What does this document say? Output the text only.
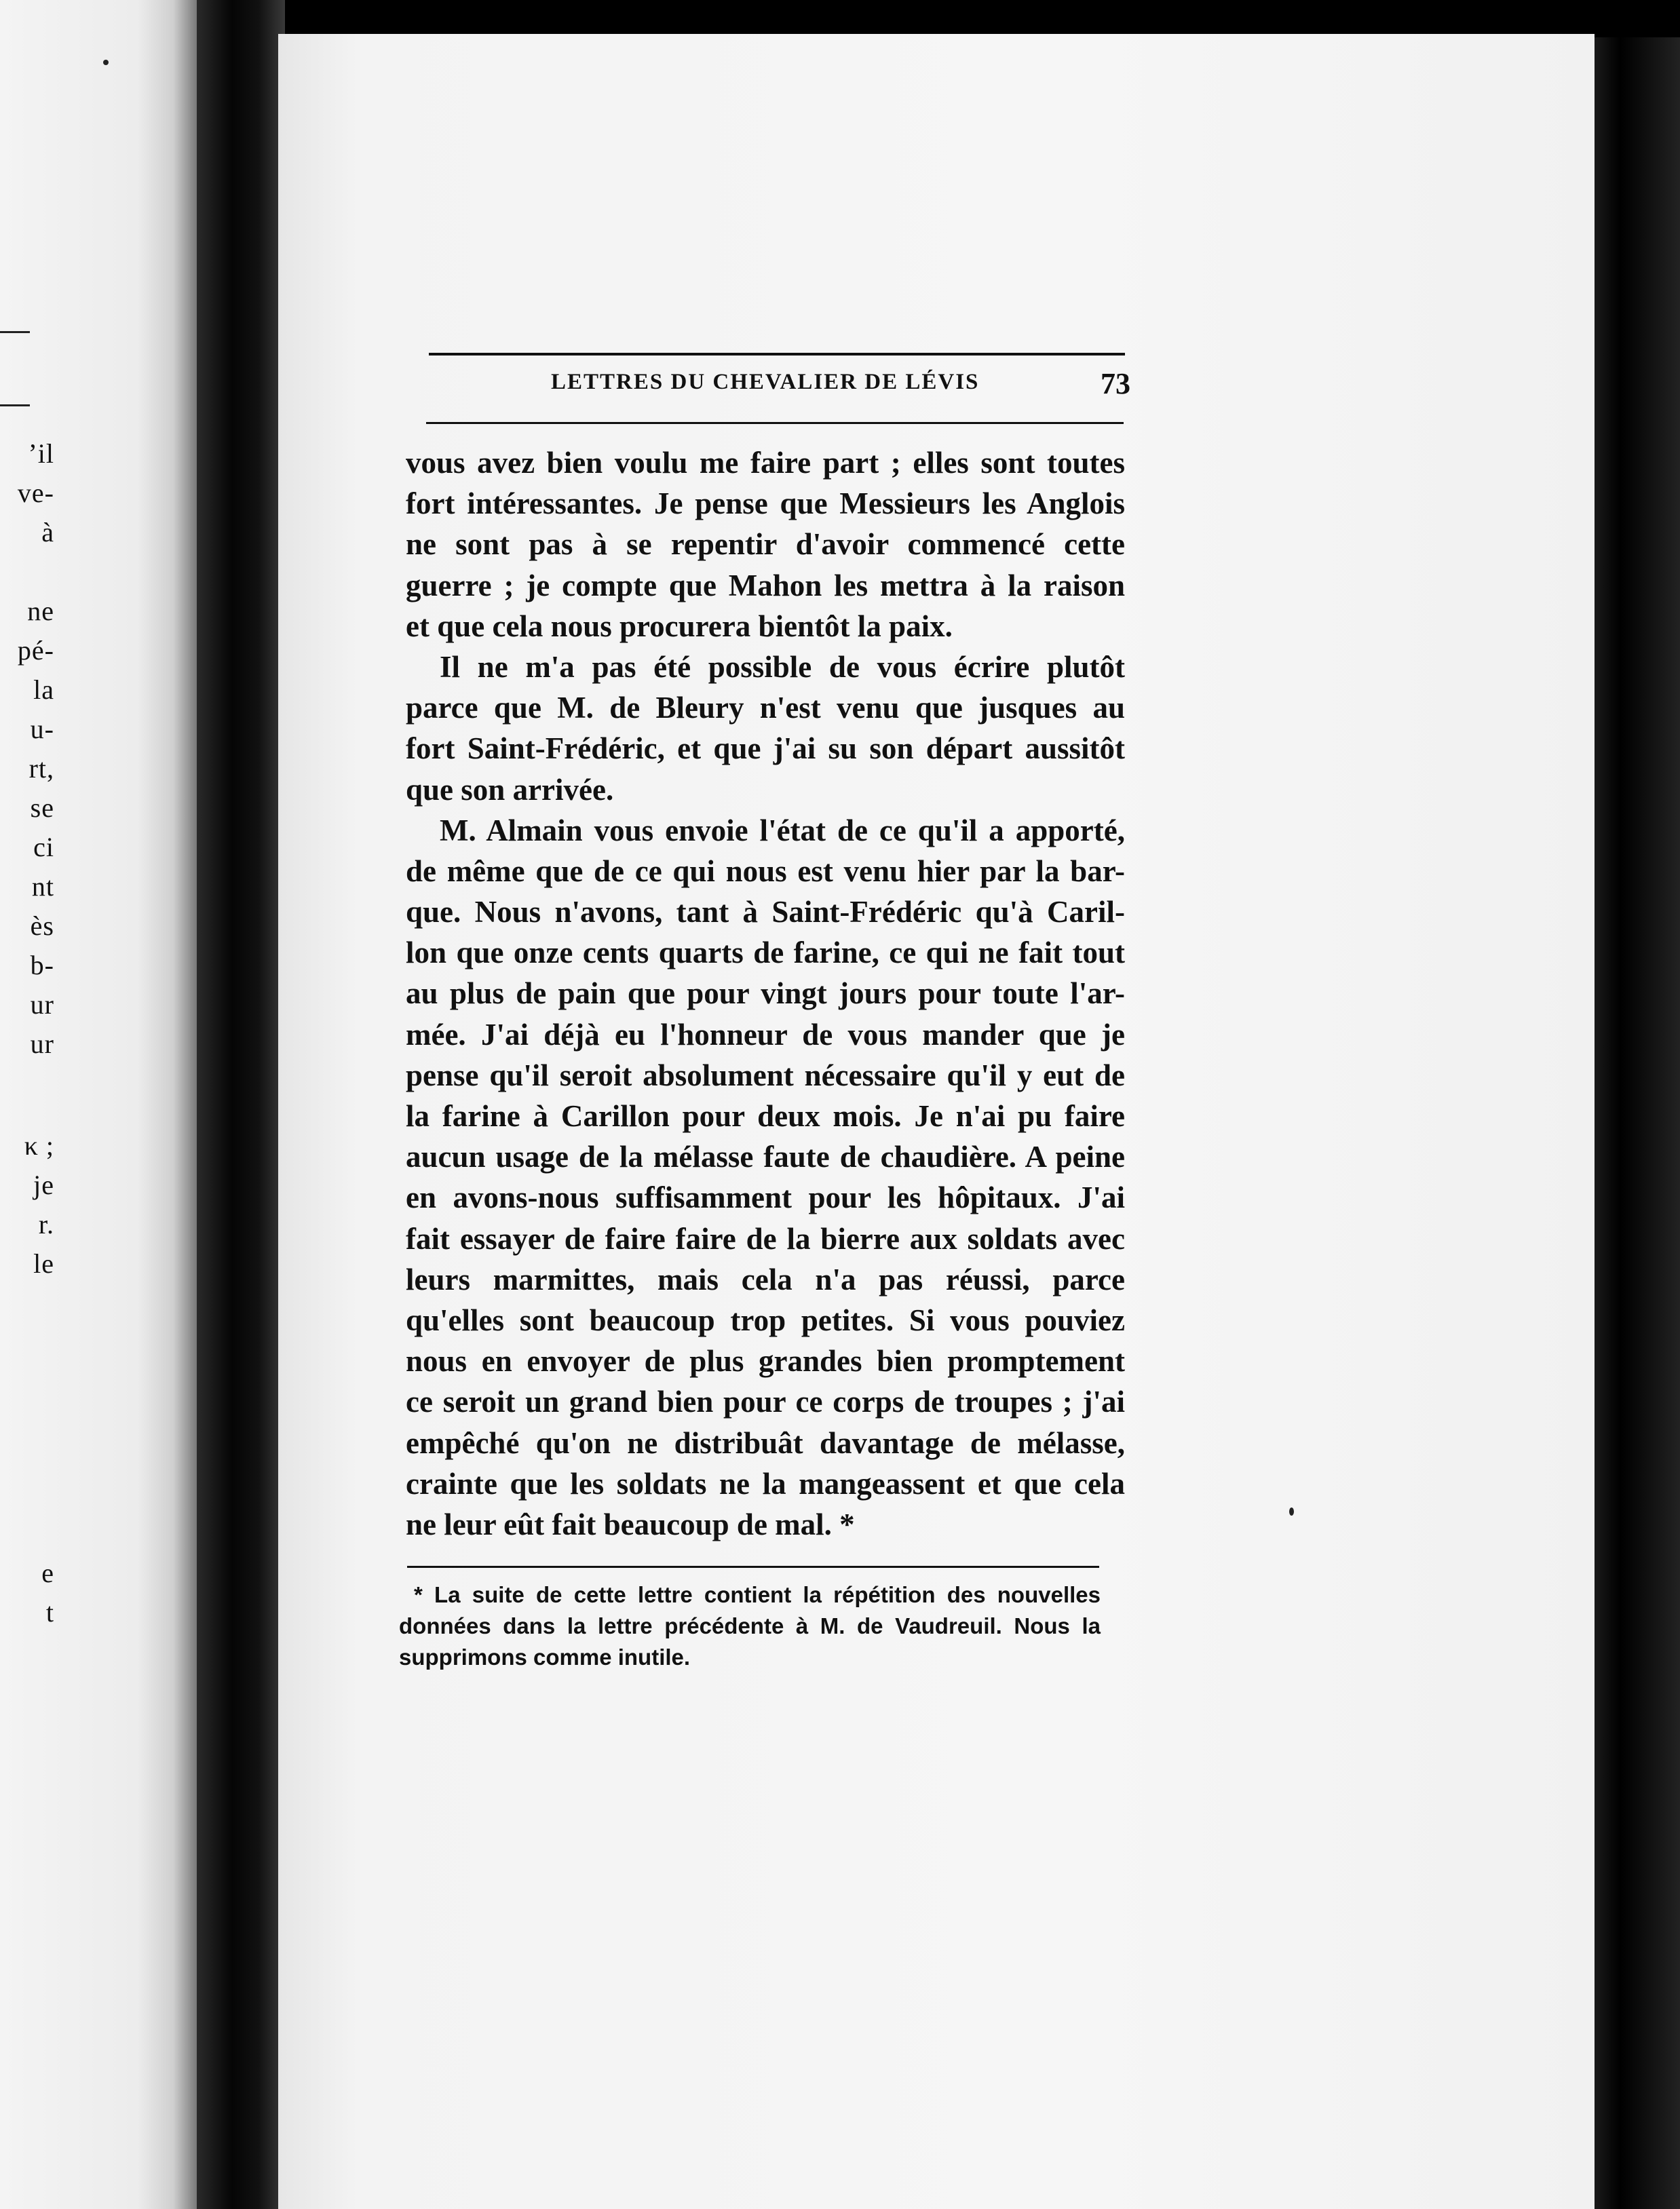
ʼil
ve-
à
ne
pé-
la
u-
rt,
se
ci
nt
ès
b-
ur
ur
κ ;
je
r.
le
e
t
LETTRES DU CHEVALIER DE LÉVIS	73

vous avez bien voulu me faire part ; elles sont toutes
fort intéressantes. Je pense que Messieurs les Anglois
ne sont pas à se repentir d'avoir commencé cette
guerre ; je compte que Mahon les mettra à la raison
et que cela nous procurera bientôt la paix.

Il ne m'a pas été possible de vous écrire plutôt
parce que M. de Bleury n'est venu que jusques au
fort Saint-Frédéric, et que j'ai su son départ aussitôt
que son arrivée.

M. Almain vous envoie l'état de ce qu'il a apporté,
de même que de ce qui nous est venu hier par la bar-
que. Nous n'avons, tant à Saint-Frédéric qu'à Caril-
lon que onze cents quarts de farine, ce qui ne fait tout
au plus de pain que pour vingt jours pour toute l'ar-
mée. J'ai déjà eu l'honneur de vous mander que je
pense qu'il seroit absolument nécessaire qu'il y eut de
la farine à Carillon pour deux mois. Je n'ai pu faire
aucun usage de la mélasse faute de chaudière. A peine
en avons-nous suffisamment pour les hôpitaux. J'ai
fait essayer de faire faire de la bierre aux soldats avec
leurs marmittes, mais cela n'a pas réussi, parce
qu'elles sont beaucoup trop petites. Si vous pouviez
nous en envoyer de plus grandes bien promptement
ce seroit un grand bien pour ce corps de troupes ; j'ai
empêché qu'on ne distribuât davantage de mélasse,
crainte que les soldats ne la mangeassent et que cela
ne leur eût fait beaucoup de mal. *

* La suite de cette lettre contient la répétition des nouvelles
données dans la lettre précédente à M. de Vaudreuil. Nous la
supprimons comme inutile.
